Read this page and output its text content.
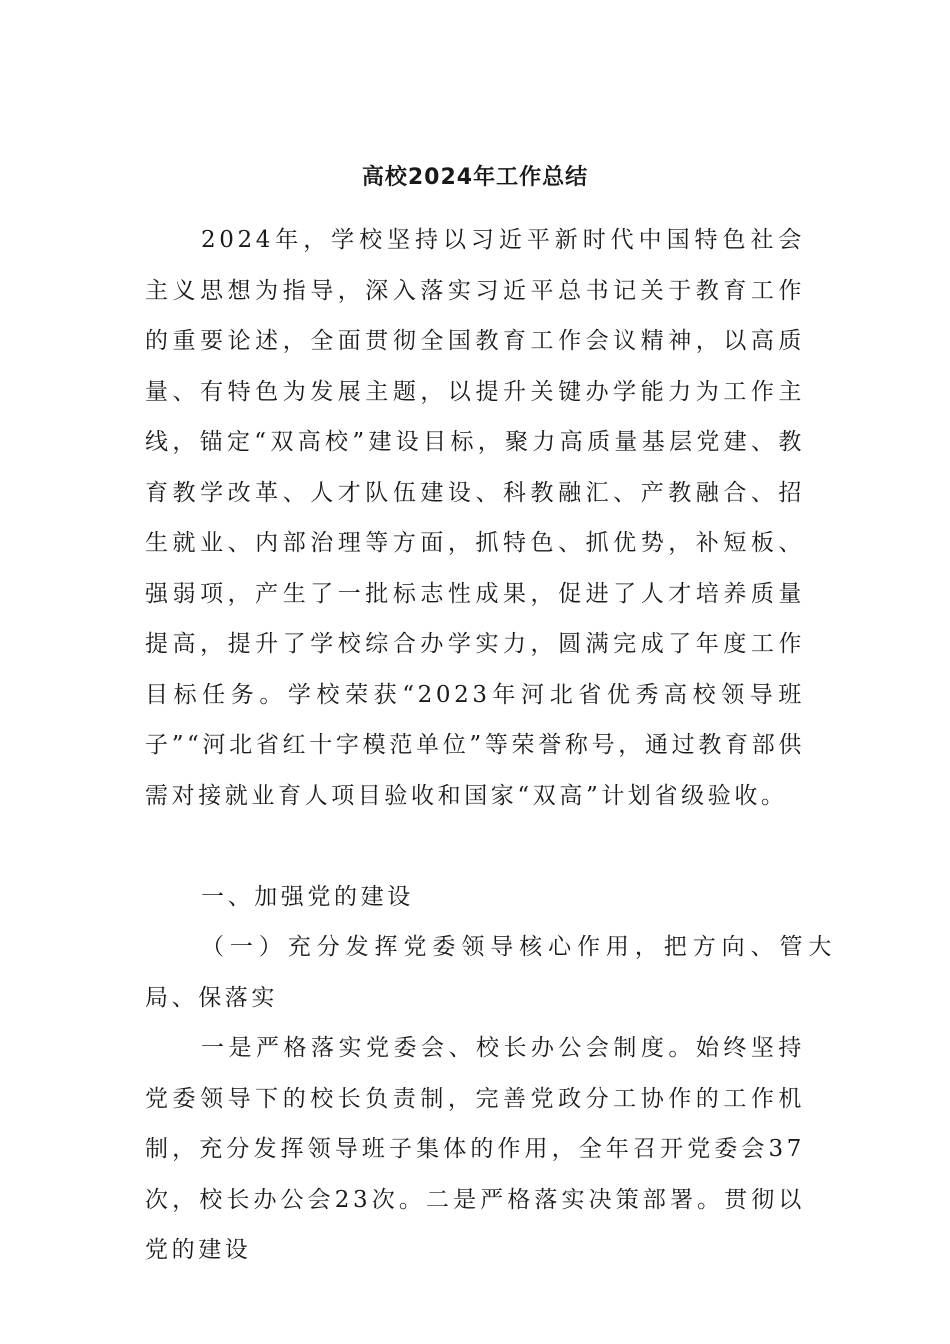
高校2024年工作总结
2024年，学校坚持以习近平新时代中国特色社会主义思想为指导，深入落实习近平总书记关于教育工作的重要论述，全面贯彻全国教育工作会议精神，以高质量、有特色为发展主题，以提升关键办学能力为工作主线，锚定“双高校”建设目标，聚力高质量基层党建、教育教学改革、人才队伍建设、科教融汇、产教融合、招生就业、内部治理等方面，抓特色、抓优势，补短板、强弱项，产生了一批标志性成果，促进了人才培养质量提高，提升了学校综合办学实力，圆满完成了年度工作目标任务。学校荣获“2023年河北省优秀高校领导班子”“河北省红十字模范单位”等荣誉称号，通过教育部供需对接就业育人项目验收和国家“双高”计划省级验收。
一、加强党的建设
（一）充分发挥党委领导核心作用，把方向、管大局、保落实
一是严格落实党委会、校长办公会制度。始终坚持党委领导下的校长负责制，完善党政分工协作的工作机制，充分发挥领导班子集体的作用，全年召开党委会37次，校长办公会23次。二是严格落实决策部署。贯彻以党的建设
